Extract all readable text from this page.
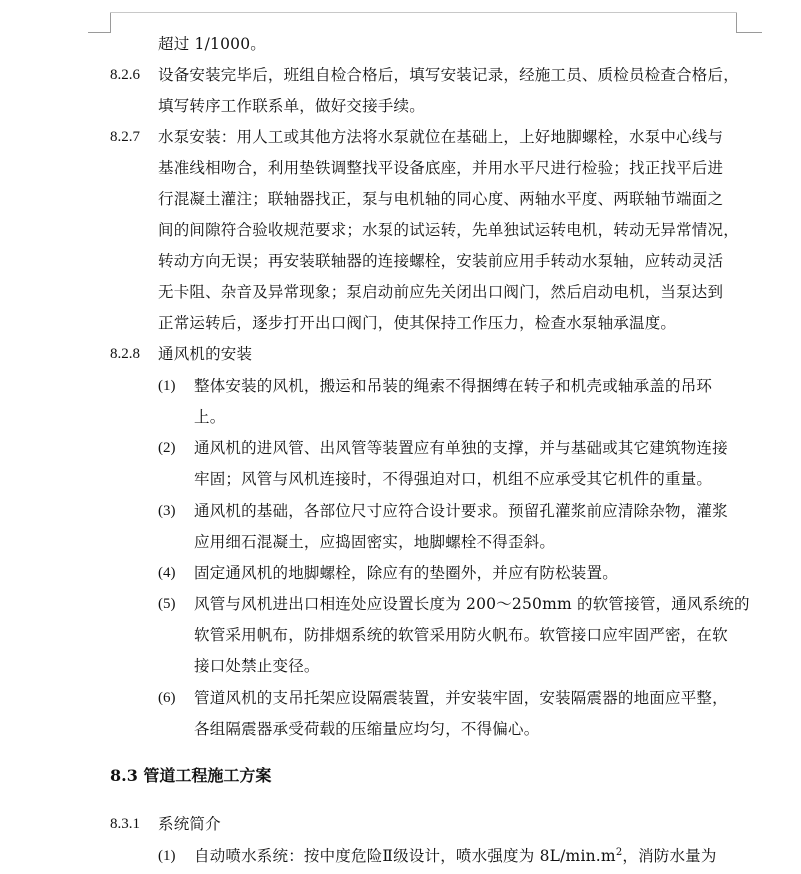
超过 1/1000。
8.2.6 设备安装完毕后，班组自检合格后，填写安装记录，经施工员、质检员检查合格后，
填写转序工作联系单，做好交接手续。
8.2.7 水泵安装：用人工或其他方法将水泵就位在基础上，上好地脚螺栓，水泵中心线与
基准线相吻合，利用垫铁调整找平设备底座，并用水平尺进行检验；找正找平后进
行混凝土灌注；联轴器找正，泵与电机轴的同心度、两轴水平度、两联轴节端面之
间的间隙符合验收规范要求；水泵的试运转，先单独试运转电机，转动无异常情况，
转动方向无误；再安装联轴器的连接螺栓，安装前应用手转动水泵轴，应转动灵活
无卡阻、杂音及异常现象；泵启动前应先关闭出口阀门，然后启动电机，当泵达到
正常运转后，逐步打开出口阀门，使其保持工作压力，检查水泵轴承温度。
8.2.8 通风机的安装
(1) 整体安装的风机，搬运和吊装的绳索不得捆缚在转子和机壳或轴承盖的吊环
上。
(2) 通风机的进风管、出风管等装置应有单独的支撑，并与基础或其它建筑物连接
牢固；风管与风机连接时，不得强迫对口，机组不应承受其它机件的重量。
(3) 通风机的基础，各部位尺寸应符合设计要求。预留孔灌浆前应清除杂物，灌浆
应用细石混凝土，应捣固密实，地脚螺栓不得歪斜。
(4) 固定通风机的地脚螺栓，除应有的垫圈外，并应有防松装置。
(5) 风管与风机进出口相连处应设置长度为 200～250mm 的软管接管，通风系统的
软管采用帆布，防排烟系统的软管采用防火帆布。软管接口应牢固严密，在软
接口处禁止变径。
(6) 管道风机的支吊托架应设隔震装置，并安装牢固，安装隔震器的地面应平整，
各组隔震器承受荷载的压缩量应均匀，不得偏心。
8.3 管道工程施工方案
8.3.1 系统简介
(1) 自动喷水系统：按中度危险Ⅱ级设计，喷水强度为 $8L/\min.m^2$，消防水量为
